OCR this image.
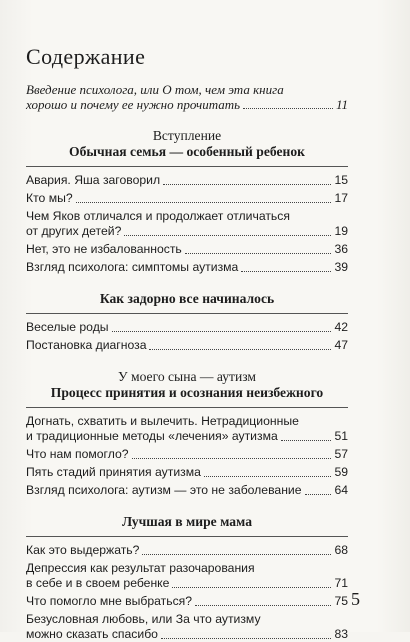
Содержание
Введение психолога, или О том, чем эта книга
хорошо и почему ее нужно прочитать	11
Вступление
Обычная семья — особенный ребенок
Авария. Яша заговорил	15
Кто мы?	17
Чем Яков отличался и продолжает отличаться
от других детей?	19
Нет, это не избалованность	36
Взгляд психолога: симптомы аутизма	39
Как задорно все начиналось
Веселые роды	42
Постановка диагноза	47
У моего сына — аутизм
Процесс принятия и осознания неизбежного
Догнать, схватить и вылечить. Нетрадиционные
и традиционные методы «лечения» аутизма	51
Что нам помогло?	57
Пять стадий принятия аутизма	59
Взгляд психолога: аутизм — это не заболевание	64
Лучшая в мире мама
Как это выдержать?	68
Депрессия как результат разочарования
в себе и в своем ребенке	71
Что помогло мне выбраться?	75
Безусловная любовь, или За что аутизму
можно сказать спасибо	83
5
